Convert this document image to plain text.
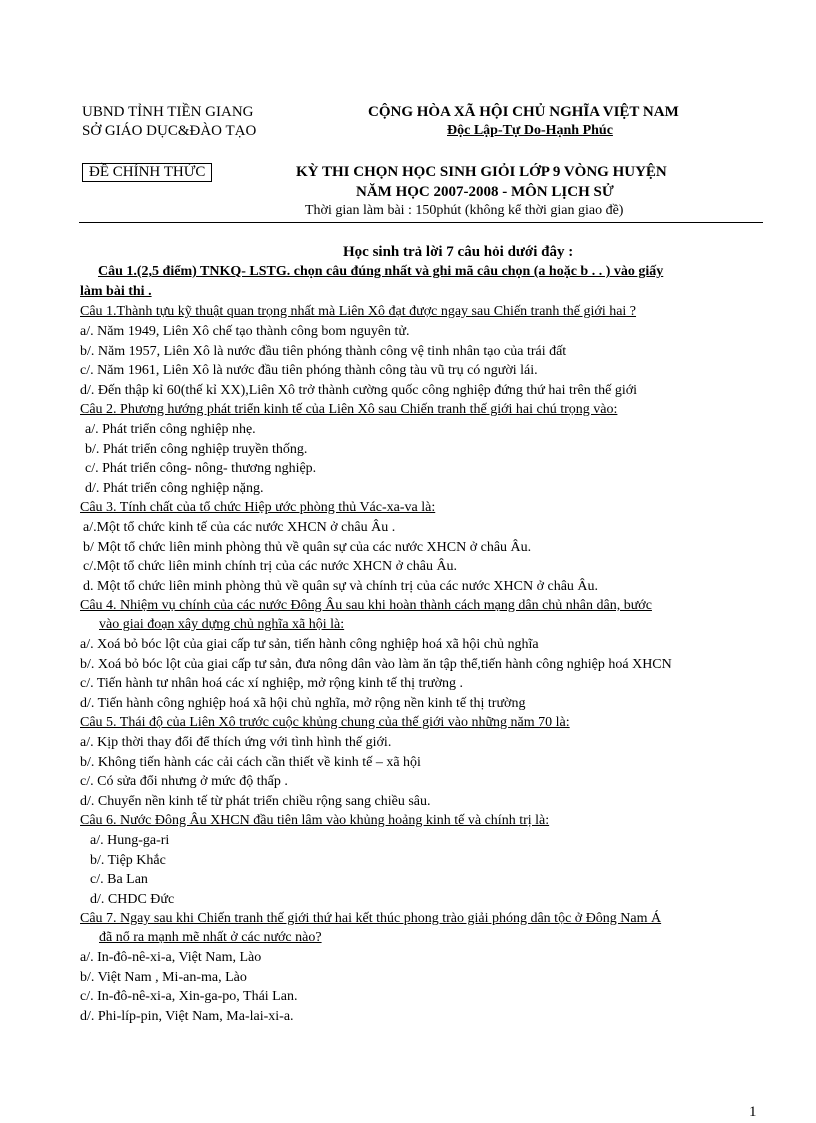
UBND TỈNH TIỀN GIANG
SỞ GIÁO DỤC&ĐÀO TẠO
CỘNG HÒA XÃ HỘI CHỦ NGHĨA VIỆT NAM
Độc Lập-Tự Do-Hạnh Phúc
ĐỀ CHÍNH THỨC	KỲ THI CHỌN HỌC SINH GIỎI LỚP 9 VÒNG HUYỆN
NĂM HỌC 2007-2008 - MÔN LỊCH SỬ
Thời gian làm bài : 150phút (không kể thời gian giao đề)
Học sinh trả lời 7 câu hỏi dưới đây :
Câu 1.(2,5 điểm) TNKQ- LSTG. chọn câu đúng nhất và ghi mã câu chọn (a hoặc b . . ) vào giấy
làm bài thi .
Câu 1.Thành tựu kỹ thuật quan trọng nhất mà Liên Xô đạt được ngay sau Chiến tranh thế giới hai ?
a/. Năm 1949, Liên Xô chế tạo thành công bom nguyên tử.
b/. Năm 1957, Liên Xô là nước đầu tiên phóng thành công vệ tinh nhân tạo của trái đất
c/. Năm 1961, Liên Xô là nước đầu tiên phóng thành công tàu vũ trụ có người lái.
d/. Đến thập kỉ 60(thế kỉ XX),Liên Xô trở thành cường quốc công nghiệp đứng thứ hai trên thế giới
Câu 2. Phương hướng phát triển kinh tế của Liên Xô sau Chiến tranh thế giới hai chú trọng vào:
a/. Phát triển công nghiệp nhẹ.
b/. Phát triển công nghiệp truyền thống.
c/. Phát triển công- nông- thương nghiệp.
d/. Phát triển công nghiệp nặng.
Câu 3. Tính chất của tổ chức Hiệp ước phòng thủ Vác-xa-va là:
a/.Một tổ chức kinh tế của các nước XHCN ở châu Âu .
b/ Một tổ chức liên minh phòng thủ về quân sự của các nước XHCN ở châu Âu.
c/.Một tổ chức liên minh chính trị của các nước XHCN ở châu Âu.
d. Một tổ chức liên minh phòng thủ về quân sự và chính trị của các nước XHCN ở châu Âu.
Câu 4. Nhiệm vụ chính của các nước Đông Âu sau khi hoàn thành cách mạng dân chủ nhân dân, bước
vào giai đoạn xây dựng chủ nghĩa xã hội là:
a/. Xoá bỏ bóc lột của giai cấp tư sản, tiến hành công nghiệp hoá xã hội chủ nghĩa
b/. Xoá bỏ bóc lột của giai cấp tư sản, đưa nông dân vào làm ăn tập thể,tiến hành công nghiệp hoá XHCN
c/. Tiến hành tư nhân hoá các xí nghiệp, mở rộng kinh tế thị trường .
d/. Tiến hành công nghiệp hoá xã hội chủ nghĩa, mở rộng nền kinh tế thị trường
Câu 5. Thái độ của Liên Xô trước cuộc khủng chung của thế giới vào những năm 70 là:
a/. Kịp thời thay đổi để thích ứng với tình hình thế giới.
b/. Không tiến hành các cải cách cần thiết về kinh tế – xã hội
c/. Có sửa đổi nhưng ở mức độ thấp .
d/. Chuyển nền kinh tế từ phát triển chiều rộng sang chiều sâu.
Câu 6. Nước Đông Âu XHCN đầu tiên lâm vào khủng hoảng kinh tế và chính trị là:
a/. Hung-ga-ri
b/. Tiệp Khắc
c/. Ba Lan
d/. CHDC Đức
Câu 7. Ngay sau khi Chiến tranh thế giới thứ hai kết thúc phong trào giải phóng dân tộc ở Đông Nam Á
đã nổ ra mạnh mẽ nhất ở các nước nào?
a/. In-đô-nê-xi-a, Việt Nam, Lào
b/. Việt Nam , Mi-an-ma, Lào
c/. In-đô-nê-xi-a, Xin-ga-po, Thái Lan.
d/. Phi-líp-pin, Việt Nam, Ma-lai-xi-a.
1
